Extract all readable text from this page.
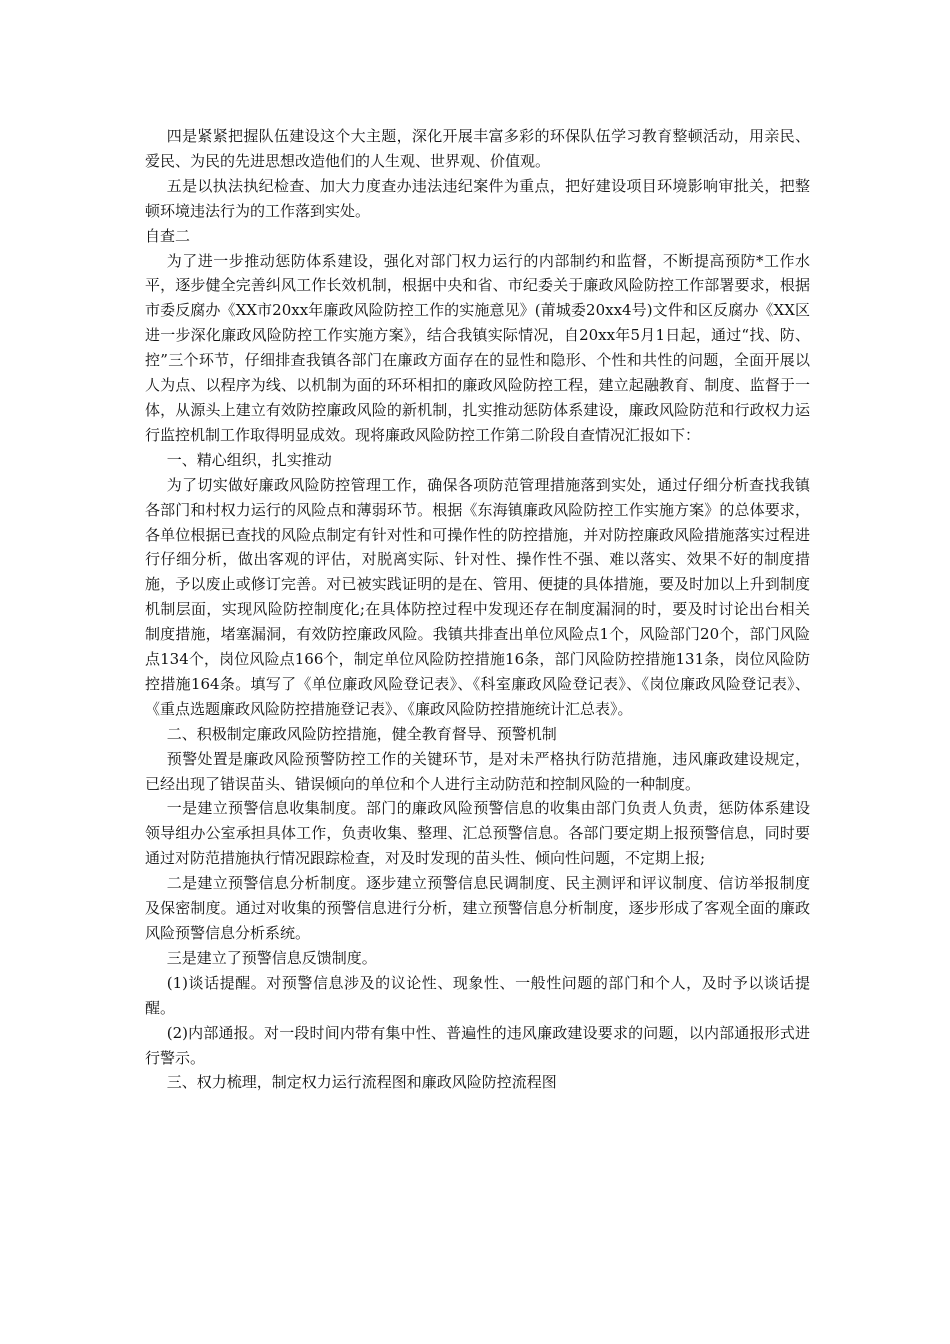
四是紧紧把握队伍建设这个大主题，深化开展丰富多彩的环保队伍学习教育整顿活动，用亲民、爱民、为民的先进思想改造他们的人生观、世界观、价值观。

五是以执法执纪检查、加大力度查办违法违纪案件为重点，把好建设项目环境影响审批关，把整顿环境违法行为的工作落到实处。

自查二

为了进一步推动惩防体系建设，强化对部门权力运行的内部制约和监督，不断提高预防*工作水平，逐步健全完善纠风工作长效机制，根据中央和省、市纪委关于廉政风险防控工作部署要求，根据市委反腐办《XX市20xx年廉政风险防控工作的实施意见》(莆城委20xx4号)文件和区反腐办《XX区进一步深化廉政风险防控工作实施方案》，结合我镇实际情况，自20xx年5月1日起，通过“找、防、控”三个环节，仔细排查我镇各部门在廉政方面存在的显性和隐形、个性和共性的问题，全面开展以人为点、以程序为线、以机制为面的环环相扣的廉政风险防控工程，建立起融教育、制度、监督于一体，从源头上建立有效防控廉政风险的新机制，扎实推动惩防体系建设，廉政风险防范和行政权力运行监控机制工作取得明显成效。现将廉政风险防控工作第二阶段自查情况汇报如下：

一、精心组织，扎实推动

为了切实做好廉政风险防控管理工作，确保各项防范管理措施落到实处，通过仔细分析查找我镇各部门和村权力运行的风险点和薄弱环节。根据《东海镇廉政风险防控工作实施方案》的总体要求，各单位根据已查找的风险点制定有针对性和可操作性的防控措施，并对防控廉政风险措施落实过程进行仔细分析，做出客观的评估，对脱离实际、针对性、操作性不强、难以落实、效果不好的制度措施，予以废止或修订完善。对已被实践证明的是在、管用、便捷的具体措施，要及时加以上升到制度机制层面，实现风险防控制度化;在具体防控过程中发现还存在制度漏洞的时，要及时讨论出台相关制度措施，堵塞漏洞，有效防控廉政风险。我镇共排查出单位风险点1个，风险部门20个，部门风险点134个，岗位风险点166个，制定单位风险防控措施16条，部门风险防控措施131条，岗位风险防控措施164条。填写了《单位廉政风险登记表》、《科室廉政风险登记表》、《岗位廉政风险登记表》、《重点选题廉政风险防控措施登记表》、《廉政风险防控措施统计汇总表》。

二、积极制定廉政风险防控措施，健全教育督导、预警机制

预警处置是廉政风险预警防控工作的关键环节，是对未严格执行防范措施，违风廉政建设规定，已经出现了错误苗头、错误倾向的单位和个人进行主动防范和控制风险的一种制度。

一是建立预警信息收集制度。部门的廉政风险预警信息的收集由部门负责人负责，惩防体系建设领导组办公室承担具体工作，负责收集、整理、汇总预警信息。各部门要定期上报预警信息，同时要通过对防范措施执行情况跟踪检查，对及时发现的苗头性、倾向性问题，不定期上报;

二是建立预警信息分析制度。逐步建立预警信息民调制度、民主测评和评议制度、信访举报制度及保密制度。通过对收集的预警信息进行分析，建立预警信息分析制度，逐步形成了客观全面的廉政风险预警信息分析系统。

三是建立了预警信息反馈制度。

(1)谈话提醒。对预警信息涉及的议论性、现象性、一般性问题的部门和个人，及时予以谈话提醒。

(2)内部通报。对一段时间内带有集中性、普遍性的违风廉政建设要求的问题，以内部通报形式进行警示。

三、权力梳理，制定权力运行流程图和廉政风险防控流程图
